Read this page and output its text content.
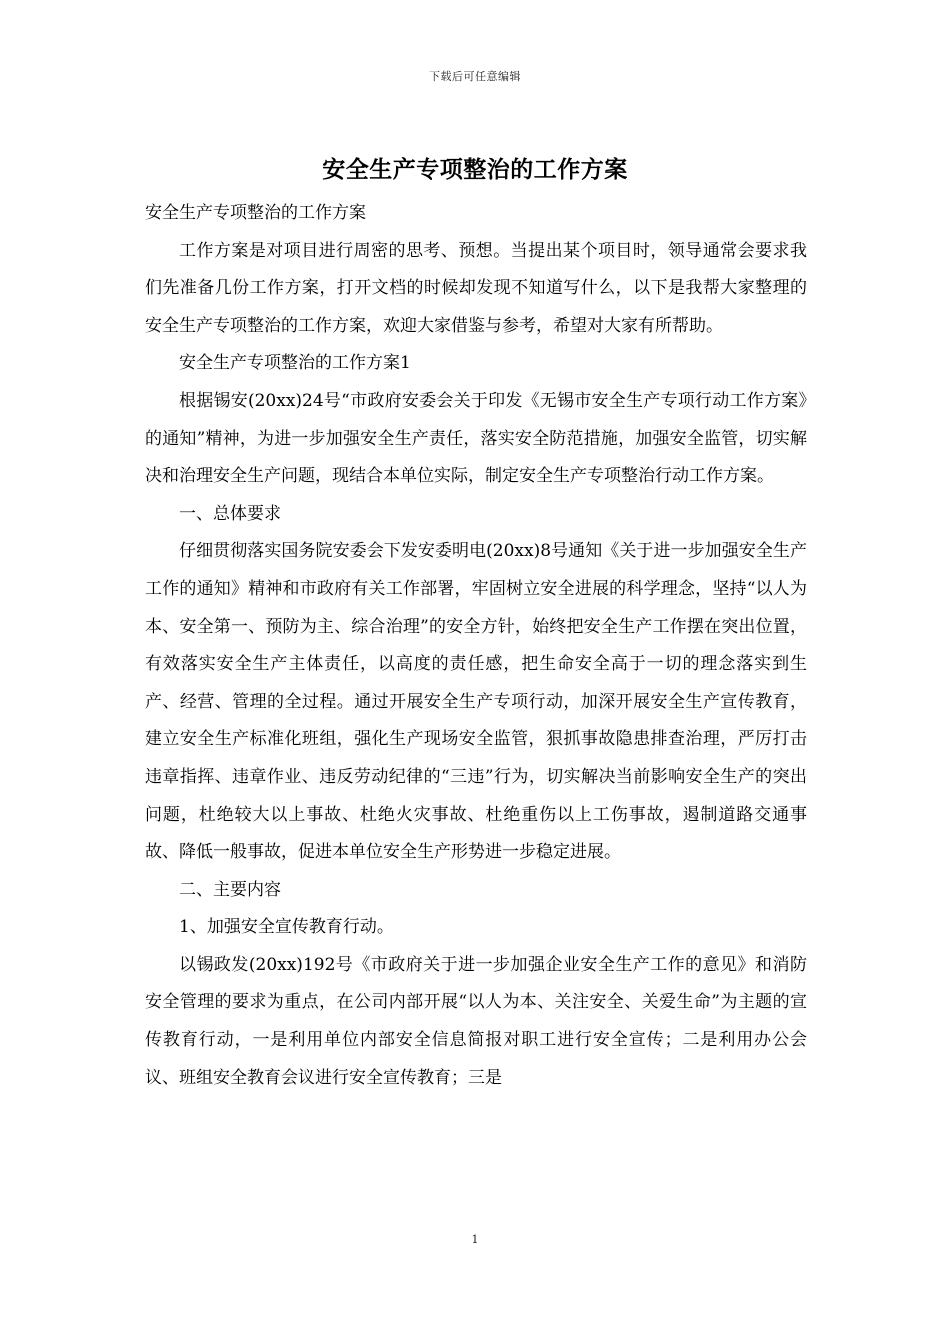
下载后可任意编辑
安全生产专项整治的工作方案

安全生产专项整治的工作方案

工作方案是对项目进行周密的思考、预想。当提出某个项目时，领导通常会要求我们先准备几份工作方案，打开文档的时候却发现不知道写什么，以下是我帮大家整理的安全生产专项整治的工作方案，欢迎大家借鉴与参考，希望对大家有所帮助。

安全生产专项整治的工作方案1

根据锡安(20xx)24号“市政府安委会关于印发《无锡市安全生产专项行动工作方案》的通知”精神，为进一步加强安全生产责任，落实安全防范措施，加强安全监管，切实解决和治理安全生产问题，现结合本单位实际，制定安全生产专项整治行动工作方案。

一、总体要求

仔细贯彻落实国务院安委会下发安委明电(20xx)8号通知《关于进一步加强安全生产工作的通知》精神和市政府有关工作部署，牢固树立安全进展的科学理念，坚持“以人为本、安全第一、预防为主、综合治理”的安全方针，始终把安全生产工作摆在突出位置，有效落实安全生产主体责任，以高度的责任感，把生命安全高于一切的理念落实到生产、经营、管理的全过程。通过开展安全生产专项行动，加深开展安全生产宣传教育，建立安全生产标准化班组，强化生产现场安全监管，狠抓事故隐患排查治理，严厉打击违章指挥、违章作业、违反劳动纪律的“三违”行为，切实解决当前影响安全生产的突出问题，杜绝较大以上事故、杜绝火灾事故、杜绝重伤以上工伤事故，遏制道路交通事故、降低一般事故，促进本单位安全生产形势进一步稳定进展。

二、主要内容

1、加强安全宣传教育行动。

以锡政发(20xx)192号《市政府关于进一步加强企业安全生产工作的意见》和消防安全管理的要求为重点，在公司内部开展“以人为本、关注安全、关爱生命”为主题的宣传教育行动，一是利用单位内部安全信息简报对职工进行安全宣传；二是利用办公会议、班组安全教育会议进行安全宣传教育；三是

1
